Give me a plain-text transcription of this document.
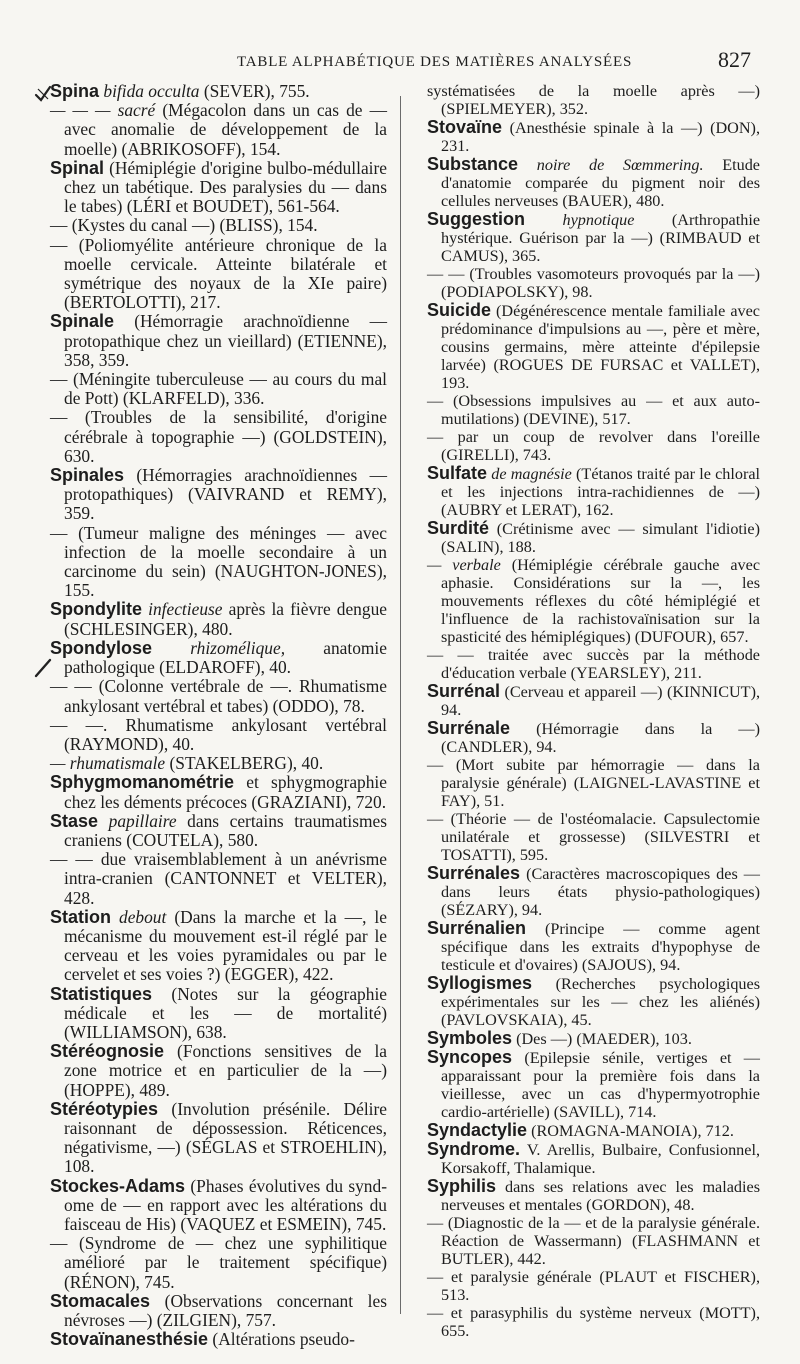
TABLE ALPHABÉTIQUE DES MATIÈRES ANALYSÉES	827

Spina bifida occulta (SEVER), 755.

— — — sacré (Mégacolon dans un cas de — avec anomalie de développement de la moelle) (ABRIKOSOFF), 154.

Spinal (Hémiplégie d'origine bulbo-médullaire chez un tabétique. Des paralysies du — dans le tabes) (LÉRI et BOUDET), 561-564.

— (Kystes du canal —) (BLISS), 154.

— (Poliomyélite antérieure chronique de la moelle cervicale. Atteinte bilatérale et symétrique des noyaux de la XIe paire) (BERTOLOTTI), 217.

Spinale (Hémorragie arachnoïdienne — protopathique chez un vieillard) (ETIENNE), 358, 359.

— (Méningite tuberculeuse — au cours du mal de Pott) (KLARFELD), 336.

— (Troubles de la sensibilité, d'origine cérébrale à topographie —) (GOLDSTEIN), 630.

Spinales (Hémorragies arachnoïdiennes — protopathiques) (VAIVRAND et REMY), 359.

— (Tumeur maligne des méninges — avec infection de la moelle secondaire à un carcinome du sein) (NAUGHTON-JONES), 155.

Spondylite infectieuse après la fièvre dengue (SCHLESINGER), 480.

Spondylose rhizomélique, anatomie pathologique (ELDAROFF), 40.

— — (Colonne vertébrale de —. Rhumatisme ankylosant vertébral et tabes) (ODDO), 78.

— —. Rhumatisme ankylosant vertébral (RAYMOND), 40.

— rhumatismale (STAKELBERG), 40.

Sphygmomanométrie et sphygmographie chez les déments précoces (GRAZIANI), 720.

Stase papillaire dans certains traumatismes craniens (COUTELA), 580.

— — due vraisemblablement à un anévrisme intra-cranien (CANTONNET et VELTER), 428.

Station debout (Dans la marche et la —, le mécanisme du mouvement est-il réglé par le cerveau et les voies pyramidales ou par le cervelet et ses voies ?) (EGGER), 422.

Statistiques (Notes sur la géographie médicale et les — de mortalité) (WILLIAMSON), 638.

Stéréognosie (Fonctions sensitives de la zone motrice et en particulier de la —) (HOPPE), 489.

Stéréotypies (Involution présénile. Délire raisonnant de dépossession. Réticences, négativisme, —) (SÉGLAS et STROEHLIN), 108.

Stockes-Adams (Phases évolutives du synd-ome de — en rapport avec les altérations du faisceau de His) (VAQUEZ et ESMEIN), 745.

— (Syndrome de — chez une syphilitique amélioré par le traitement spécifique) (RÉNON), 745.

Stomacales (Observations concernant les névroses —) (ZILGIEN), 757.

Stovaïnanesthésie (Altérations pseudo-

systématisées de la moelle après —) (SPIELMEYER), 352.

Stovaïne (Anesthésie spinale à la —) (DON), 231.

Substance noire de Sœmmering. Etude d'anatomie comparée du pigment noir des cellules nerveuses (BAUER), 480.

Suggestion hypnotique (Arthropathie hystérique. Guérison par la —) (RIMBAUD et CAMUS), 365.

— — (Troubles vasomoteurs provoqués par la —) (PODIAPOLSKY), 98.

Suicide (Dégénérescence mentale familiale avec prédominance d'impulsions au —, père et mère, cousins germains, mère atteinte d'épilepsie larvée) (ROGUES DE FURSAC et VALLET), 193.

— (Obsessions impulsives au — et aux auto-mutilations) (DEVINE), 517.

— par un coup de revolver dans l'oreille (GIRELLI), 743.

Sulfate de magnésie (Tétanos traité par le chloral et les injections intra-rachidiennes de —) (AUBRY et LERAT), 162.

Surdité (Crétinisme avec — simulant l'idiotie) (SALIN), 188.

— verbale (Hémiplégie cérébrale gauche avec aphasie. Considérations sur la —, les mouvements réflexes du côté hémiplégié et l'influence de la rachistovaïnisation sur la spasticité des hémiplégiques) (DUFOUR), 657.

— — traitée avec succès par la méthode d'éducation verbale (YEARSLEY), 211.

Surrénal (Cerveau et appareil —) (KINNICUT), 94.

Surrénale (Hémorragie dans la —) (CANDLER), 94.

— (Mort subite par hémorragie — dans la paralysie générale) (LAIGNEL-LAVASTINE et FAY), 51.

— (Théorie — de l'ostéomalacie. Capsulectomie unilatérale et grossesse) (SILVESTRI et TOSATTI), 595.

Surrénales (Caractères macroscopiques des — dans leurs états physio-pathologiques) (SÉZARY), 94.

Surrénalien (Principe — comme agent spécifique dans les extraits d'hypophyse de testicule et d'ovaires) (SAJOUS), 94.

Syllogismes (Recherches psychologiques expérimentales sur les — chez les aliénés) (PAVLOVSKAIA), 45.

Symboles (Des —) (MAEDER), 103.

Syncopes (Epilepsie sénile, vertiges et — apparaissant pour la première fois dans la vieillesse, avec un cas d'hypermyotrophie cardio-artérielle) (SAVILL), 714.

Syndactylie (ROMAGNA-MANOIA), 712.

Syndrome. V. Arellis, Bulbaire, Confusionnel, Korsakoff, Thalamique.

Syphilis dans ses relations avec les maladies nerveuses et mentales (GORDON), 48.

— (Diagnostic de la — et de la paralysie générale. Réaction de Wassermann) (FLASHMANN et BUTLER), 442.

— et paralysie générale (PLAUT et FISCHER), 513.

— et parasyphilis du système nerveux (MOTT), 655.
